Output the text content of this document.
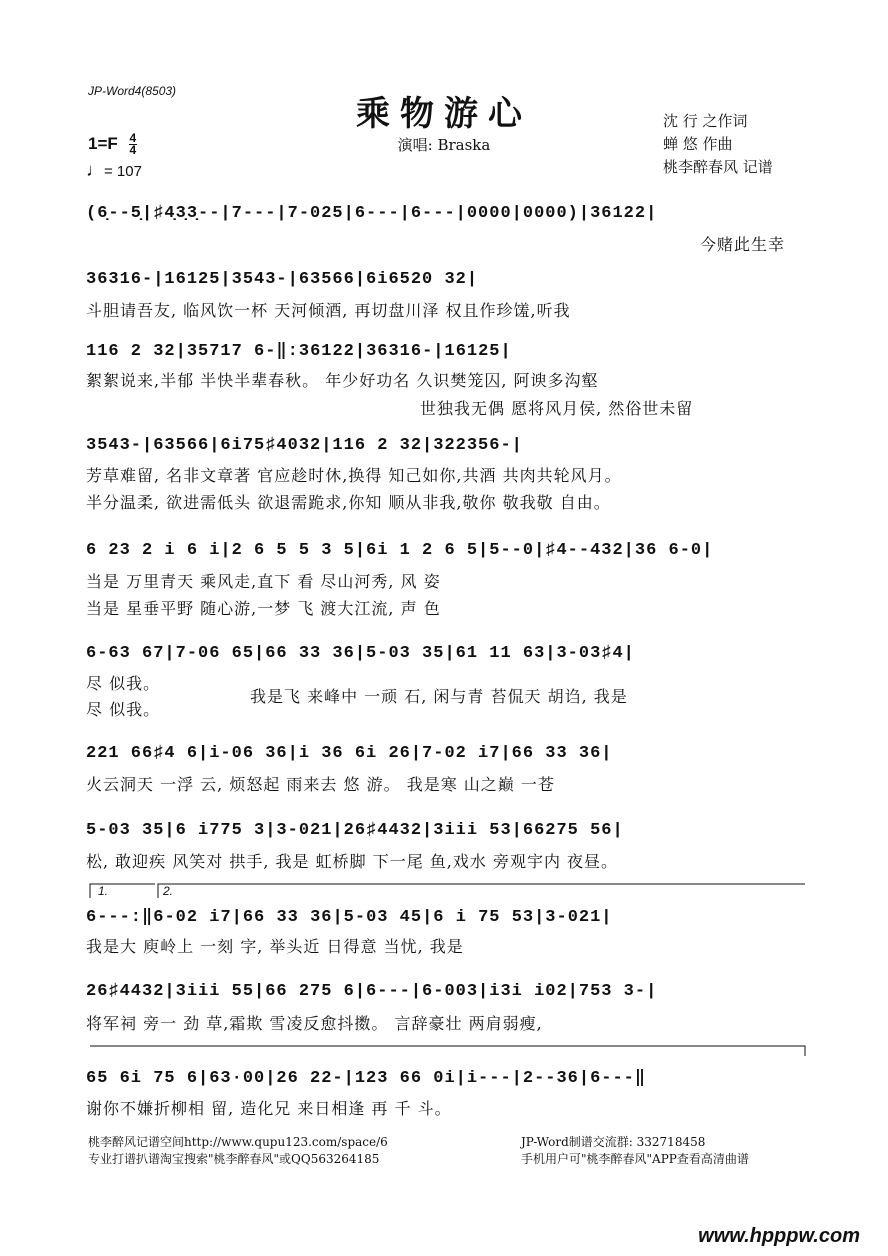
JP-Word4(8503)
乘物游心
演唱: Braska
沈 行 之作词
蝉 悠 作曲
桃李醉春风 记谱
$1=F \frac{4}{4}$
♩= 107
(6̣--5̣|♯4̣3̣3̣--|7---|7-025|6---|6---|0000|0000)|36122|
今赌此生幸
36316-|16125|3543-|63566|6i6520 32|
斗胆请吾友, 临风饮一杯 天河倾酒, 再切盘川泽 权且作珍馐,听我
116 2 32|35717 6-‖:36122|36316-|16125|
絮絮说来,半郁 半快半辈春秋。 年少好功名 久识樊笼囚, 阿谀多沟壑
世独我无偶 愿将风月侯, 然俗世未留
3543-|63566|6i75♯4032|116 2 32|322356-|
芳草难留, 名非文章著 官应趁时休,换得 知己如你,共酒 共肉共轮风月。
半分温柔, 欲进需低头 欲退需跪求,你知 顺从非我,敬你 敬我敬 自由。
6 23 2 i 6 i|2 6 5 5 3 5|6i 1 2 6 5|5--0|♯4--432|36 6-0|
当是 万里青天 乘风走,直下 看 尽山河秀, 风 姿
当是 星垂平野 随心游,一梦 飞 渡大江流, 声 色
6-63 67|7-06 65|66 33 36|5-03 35|61 11 63|3-03♯4|
尽 似我。
尽 似我。
我是飞 来峰中 一顽 石, 闲与青 苔侃天 胡诌, 我是
221 66♯4 6|i-06 36|i 36 6i 26|7-02 i7|66 33 36|
火云洞天 一浮 云, 烦怒起 雨来去 悠 游。 我是寒 山之巅 一苍
5-03 35|6 i775 3|3-021|26♯4432|3iii 53|66275 56|
松, 敢迎疾 风笑对 拱手, 我是 虹桥脚 下一尾 鱼,戏水 旁观宇内 夜昼。
1.	2.
6---:‖6-02 i7|66 33 36|5-03 45|6 i 75 53|3-021|
我是大 庾岭上 一刻 字, 举头近 日得意 当忧, 我是
26♯4432|3iii 55|66 275 6|6---|6-003|i3i i02|753 3-|
将军祠 旁一 劲 草,霜欺 雪凌反愈抖擞。 言辞豪壮 两肩弱瘦,
65 6i 75 6|63·00|26 22-|123 66 0i|i---|2--36|6---‖
谢你不嫌折柳相 留, 造化兄 来日相逢 再 千 斗。
桃李醉风记谱空间http://www.qupu123.com/space/6
专业打谱扒谱淘宝搜索"桃李醉春风"或QQ563264185
JP-Word制谱交流群: 332718458
手机用户可"桃李醉春风"APP查看高清曲谱
www.hpppw.com
